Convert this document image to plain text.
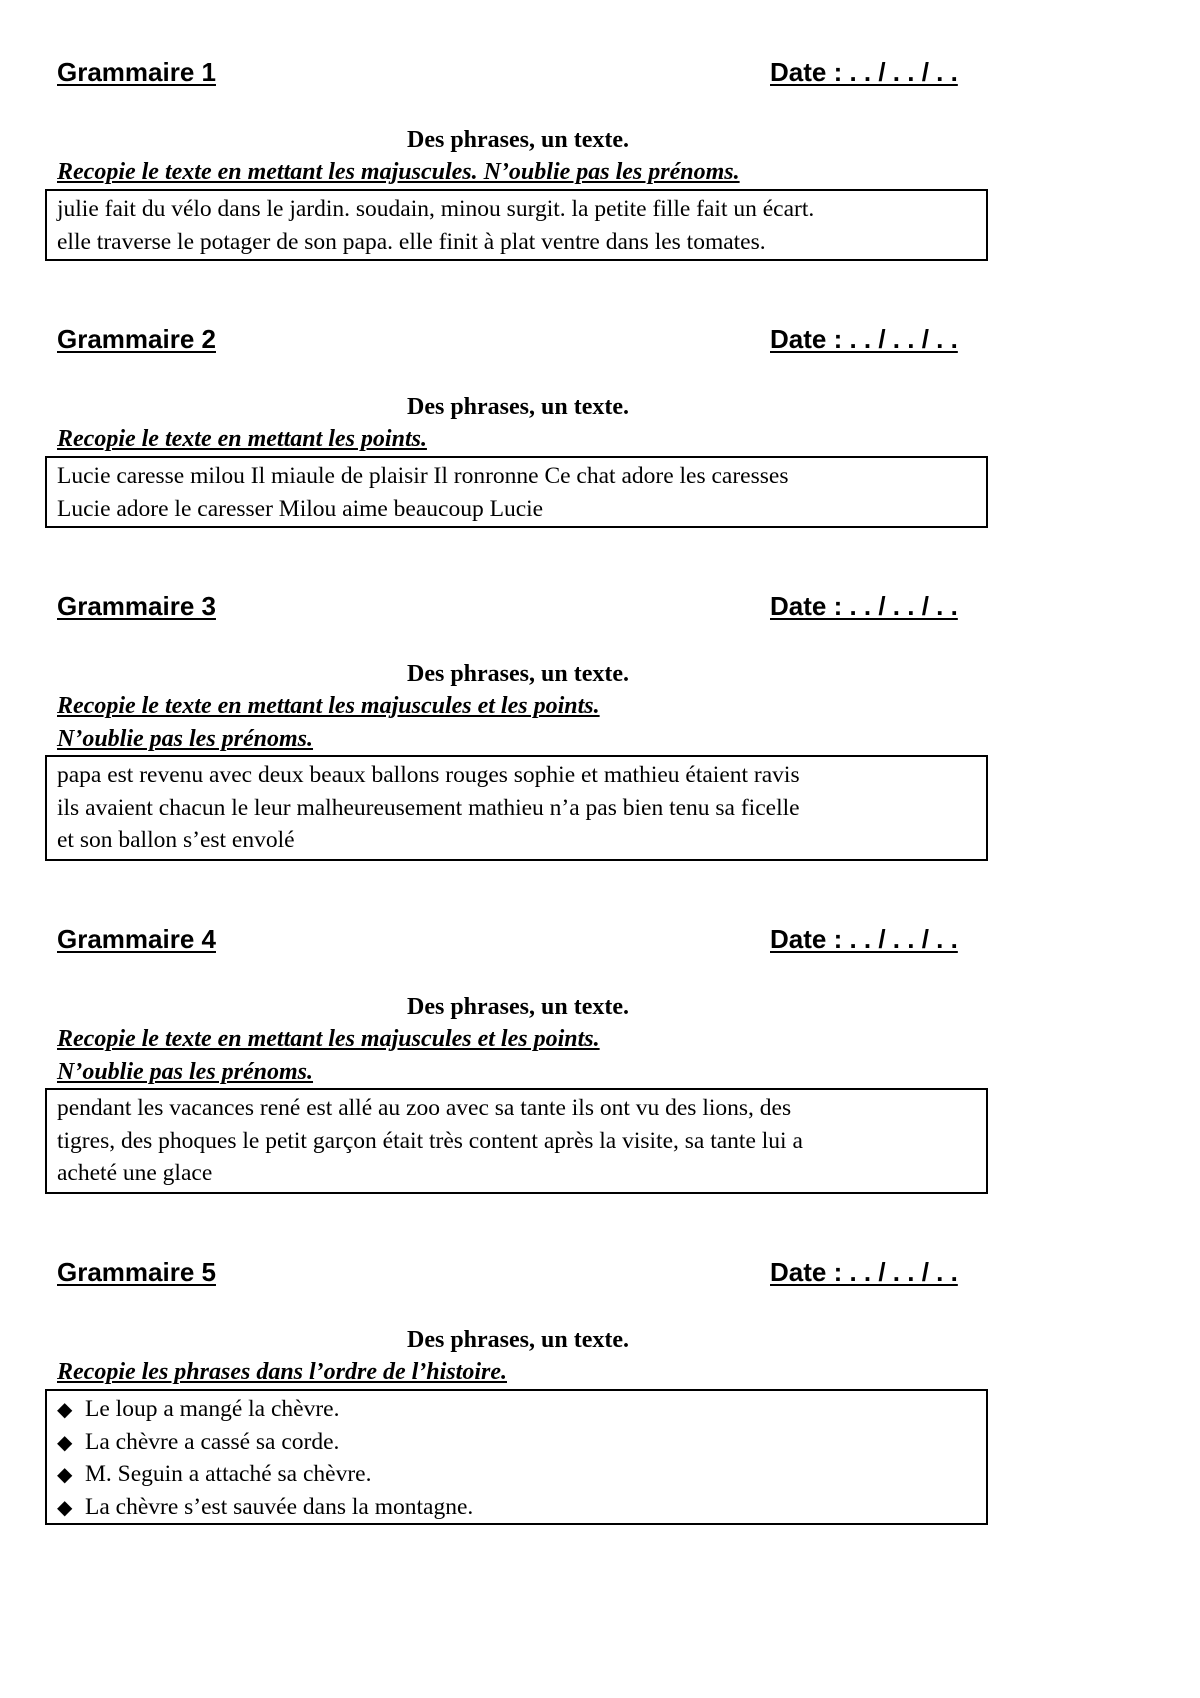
Grammaire 1	Date : . . / . . / . .
Des phrases, un texte.
Recopie le texte en mettant les majuscules. N’oublie pas les prénoms.
julie fait du vélo dans le jardin. soudain, minou surgit. la petite fille fait un écart.
elle traverse le potager de son papa. elle finit à plat ventre dans les tomates.
Grammaire 2	Date : . . / . . / . .
Des phrases, un texte.
Recopie le texte en mettant les points.
Lucie caresse milou Il miaule de plaisir Il ronronne Ce chat adore les caresses
Lucie adore le caresser Milou aime beaucoup Lucie
Grammaire 3	Date : . . / . . / . .
Des phrases, un texte.
Recopie le texte en mettant les majuscules et les points.
N’oublie pas les prénoms.
papa est revenu avec deux beaux ballons rouges sophie et mathieu étaient ravis
ils avaient chacun le leur malheureusement mathieu n’a pas bien tenu sa ficelle
et son ballon s’est envolé
Grammaire 4	Date : . . / . . / . .
Des phrases, un texte.
Recopie le texte en mettant les majuscules et les points.
N’oublie pas les prénoms.
pendant les vacances rené est allé au zoo avec sa tante ils ont vu des lions, des
tigres, des phoques le petit garçon était très content après la visite, sa tante lui a
acheté une glace
Grammaire 5	Date : . . / . . / . .
Des phrases, un texte.
Recopie les phrases dans l’ordre de l’histoire.
◆ Le loup a mangé la chèvre.
◆ La chèvre a cassé sa corde.
◆ M. Seguin a attaché sa chèvre.
◆ La chèvre s’est sauvée dans la montagne.
